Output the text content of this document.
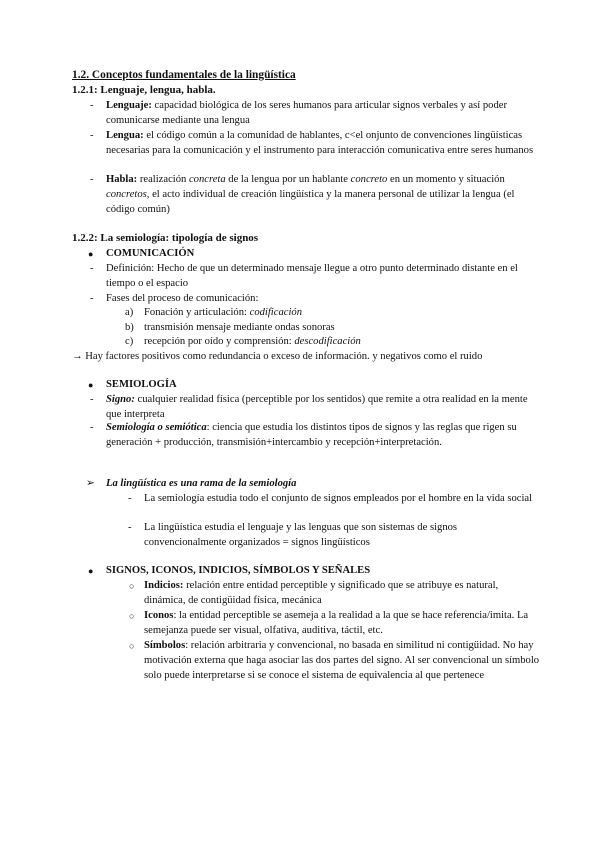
1.2. Conceptos fundamentales de la lingüística
1.2.1: Lenguaje, lengua, habla.
- Lenguaje: capacidad biológica de los seres humanos para articular signos verbales y así poder comunicarse mediante una lengua
- Lengua: el código común a la comunidad de hablantes, c<el onjunto de convenciones lingüísticas necesarias para la comunicación y el instrumento para interacción comunicativa entre seres humanos
- Habla: realización concreta de la lengua por un hablante concreto en un momento y situación concretos, el acto individual de creación lingüística y la manera personal de utilizar la lengua (el código común)
1.2.2: La semiología: tipología de signos
● COMUNICACIÓN
- Definición: Hecho de que un determinado mensaje llegue a otro punto determinado distante en el tiempo o el espacio
- Fases del proceso de comunicación:
a) Fonación y articulación: codificación
b) transmisión mensaje mediante ondas sonoras
c) recepción por oído y comprensión: descodificación
→ Hay factores positivos como redundancia o exceso de información. y negativos como el ruido
● SEMIOLOGÍA
- Signo: cualquier realidad física (perceptible por los sentidos) que remite a otra realidad en la mente que interpreta
- Semiología o semiótica: ciencia que estudia los distintos tipos de signos y las reglas que rigen su generación + producción, transmisión+intercambio y recepción+interpretación.
➢ La lingüística es una rama de la semiología
- La semiología estudia todo el conjunto de signos empleados por el hombre en la vida social
- La lingüística estudia el lenguaje y las lenguas que son sistemas de signos convencionalmente organizados = signos lingüísticos
● SIGNOS, ICONOS, INDICIOS, SÍMBOLOS Y SEÑALES
○ Indicios: relación entre entidad perceptible y significado que se atribuye es natural, dinámica, de contigüidad física, mecánica
○ Iconos: la entidad perceptible se asemeja a la realidad a la que se hace referencia/imita. La semejanza puede ser visual, olfativa, auditiva, táctil, etc.
○ Símbolos: relación arbitraria y convencional, no basada en similitud ni contigüidad. No hay motivación externa que haga asociar las dos partes del signo. Al ser convencional un símbolo solo puede interpretarse si se conoce el sistema de equivalencia al que pertenece
